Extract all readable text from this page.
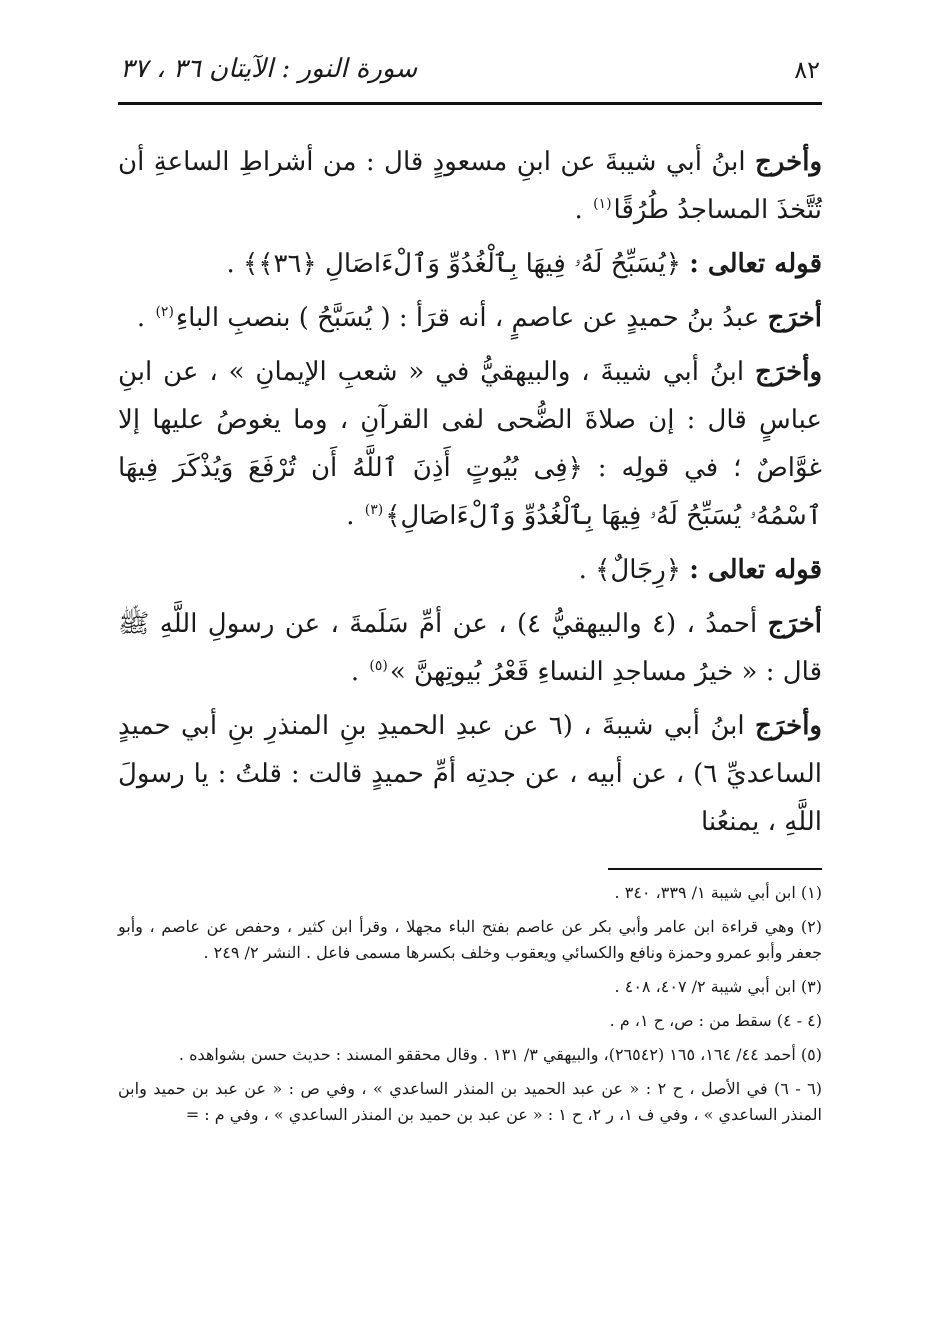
٨٢
سورة النور : الآيتان ٣٦ ، ٣٧

وأخرج ابنُ أبي شيبةَ عن ابنِ مسعودٍ قال : من أشراطِ الساعةِ أن تُتَّخذَ المساجدُ طُرُقًا$^{(١)}$ .

قوله تعالى : ﴿يُسَبِّحُ لَهُۥ فِيهَا بِٱلْغُدُوِّ وَٱلْءَاصَالِ ﴿٣٦﴾﴾ .

أخرَج عبدُ بنُ حميدٍ عن عاصمٍ ، أنه قرَأ : ( يُسَبَّحُ ) بنصبِ الباءِ$^{(٢)}$ .

وأخرَج ابنُ أبي شيبةَ ، والبيهقيُّ في « شعبِ الإيمانِ » ، عن ابنِ عباسٍ قال : إن صلاةَ الضُّحى لفى القرآنِ ، وما يغوصُ عليها إلا غوَّاصٌ ؛ في قولِه : ﴿فِى بُيُوتٍ أَذِنَ ٱللَّهُ أَن تُرْفَعَ وَيُذْكَرَ فِيهَا ٱسْمُهُۥ يُسَبِّحُ لَهُۥ فِيهَا بِٱلْغُدُوِّ وَٱلْءَاصَالِ﴾$^{(٣)}$ .

قوله تعالى : ﴿رِجَالٌ﴾ .

أخرَج أحمدُ ، (٤ والبيهقيُّ ٤) ، عن أمِّ سَلَمةَ ، عن رسولِ اللَّهِ ﷺ قال : « خيرُ مساجدِ النساءِ قَعْرُ بُيوتِهنَّ »$^{(٥)}$ .

وأخرَج ابنُ أبي شيبةَ ، (٦ عن عبدِ الحميدِ بنِ المنذرِ بنِ أبي حميدٍ الساعديِّ ٦) ، عن أبيه ، عن جدتِه أمِّ حميدٍ قالت : قلتُ : يا رسولَ اللَّهِ ، يمنعُنا

(١) ابن أبي شيبة ١/ ٣٣٩، ٣٤٠ .

(٢) وهي قراءة ابن عامر وأبي بكر عن عاصم بفتح الباء مجهلا ، وقرأ ابن كثير ، وحفص عن عاصم ، وأبو جعفر وأبو عمرو وحمزة ونافع والكسائي ويعقوب وخلف بكسرها مسمى فاعل . النشر ٢/ ٢٤٩ .

(٣) ابن أبي شيبة ٢/ ٤٠٧، ٤٠٨ .

(٤ - ٤) سقط من : ص، ح ١، م .

(٥) أحمد ٤٤/ ١٦٤، ١٦٥ (٢٦٥٤٢)، والبيهقي ٣/ ١٣١ . وقال محققو المسند : حديث حسن بشواهده .

(٦ - ٦) في الأصل ، ح ٢ : « عن عبد الحميد بن المنذر الساعدي » ، وفي ص : « عن عبد بن حميد وابن المنذر الساعدي » ، وفي ف ١، ر ٢، ح ١ : « عن عبد بن حميد بن المنذر الساعدي » ، وفي م : =
